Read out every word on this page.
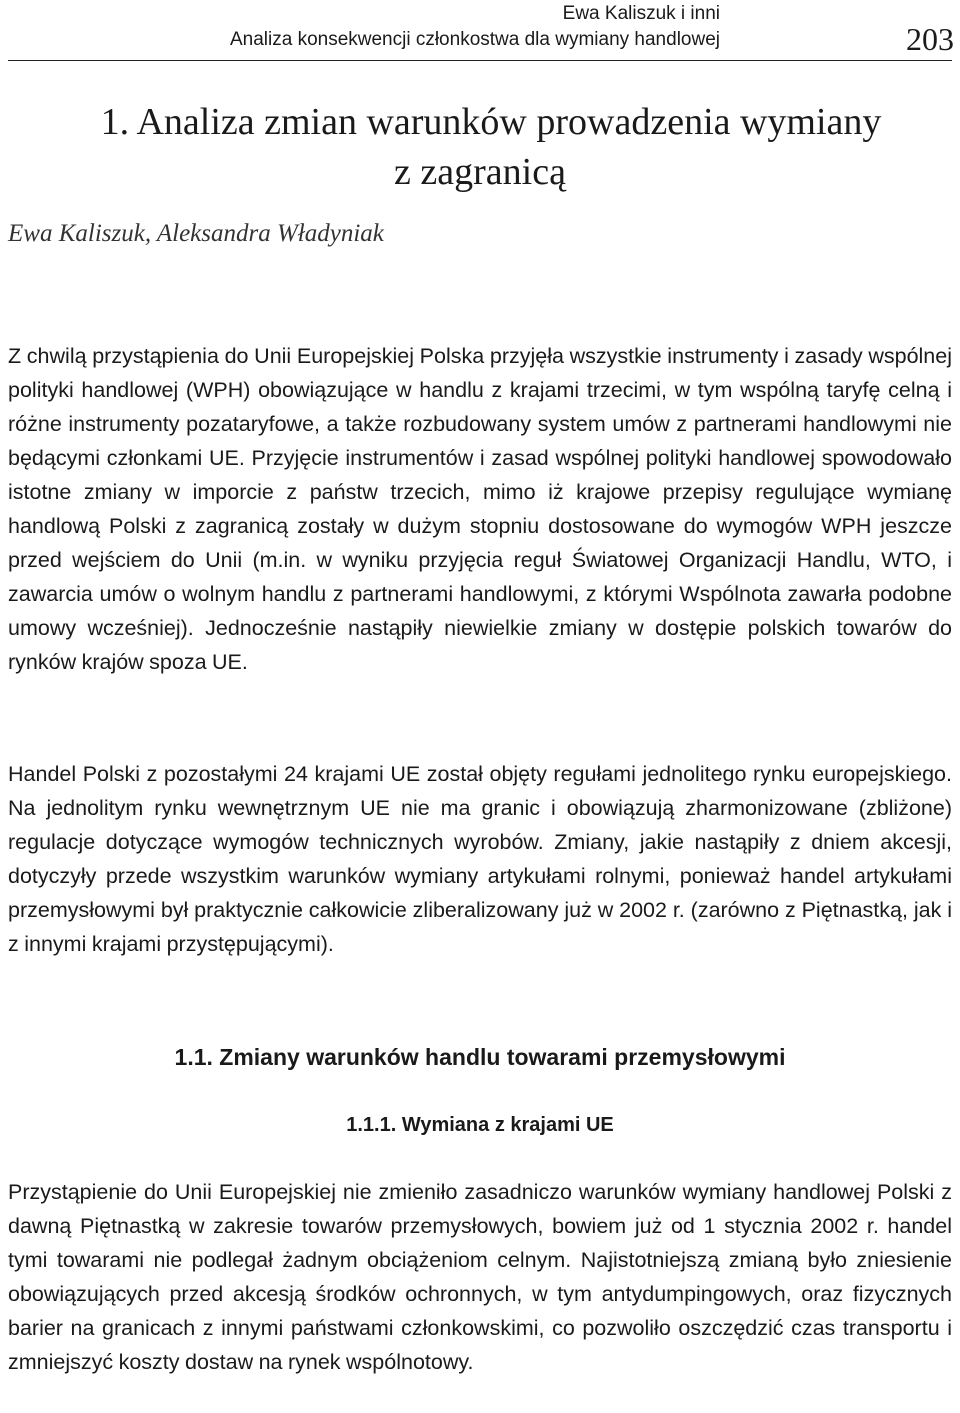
Ewa Kaliszuk i inni
Analiza konsekwencji członkostwa dla wymiany handlowej	203
1. Analiza zmian warunków prowadzenia wymiany
z zagranicą
Ewa Kaliszuk, Aleksandra Władyniak

Z chwilą przystąpienia do Unii Europejskiej Polska przyjęła wszystkie instrumenty i zasady wspólnej polityki handlowej (WPH) obowiązujące w handlu z krajami trzecimi, w tym wspólną taryfę celną i różne instrumenty pozataryfowe, a także rozbudowany system umów z partnerami handlowymi nie będącymi członkami UE. Przyjęcie instrumentów i zasad wspólnej polityki handlowej spowodowało istotne zmiany w imporcie z państw trzecich, mimo iż krajowe przepisy regulujące wymianę handlową Polski z zagranicą zostały w dużym stopniu dostosowane do wymogów WPH jeszcze przed wejściem do Unii (m.in. w wyniku przyjęcia reguł Światowej Organizacji Handlu, WTO, i zawarcia umów o wolnym handlu z partnerami handlowymi, z którymi Wspólnota zawarła podobne umowy wcześniej). Jednocześnie nastąpiły niewielkie zmiany w dostępie polskich towarów do rynków krajów spoza UE.

Handel Polski z pozostałymi 24 krajami UE został objęty regułami jednolitego rynku europejskiego. Na jednolitym rynku wewnętrznym UE nie ma granic i obowiązują zharmonizowane (zbliżone) regulacje dotyczące wymogów technicznych wyrobów. Zmiany, jakie nastąpiły z dniem akcesji, dotyczyły przede wszystkim warunków wymiany artykułami rolnymi, ponieważ handel artykułami przemysłowymi był praktycznie całkowicie zliberalizowany już w 2002 r. (zarówno z Piętnastką, jak i z innymi krajami przystępującymi).

1.1. Zmiany warunków handlu towarami przemysłowymi
1.1.1. Wymiana z krajami UE

Przystąpienie do Unii Europejskiej nie zmieniło zasadniczo warunków wymiany handlowej Polski z dawną Piętnastką w zakresie towarów przemysłowych, bowiem już od 1 stycznia 2002 r. handel tymi towarami nie podlegał żadnym obciążeniom celnym. Najistotniejszą zmianą było zniesienie obowiązujących przed akcesją środków ochronnych, w tym antydumpingowych, oraz fizycznych barier na granicach z innymi państwami członkowskimi, co pozwoliło oszczędzić czas transportu i zmniejszyć koszty dostaw na rynek wspólnotowy.
